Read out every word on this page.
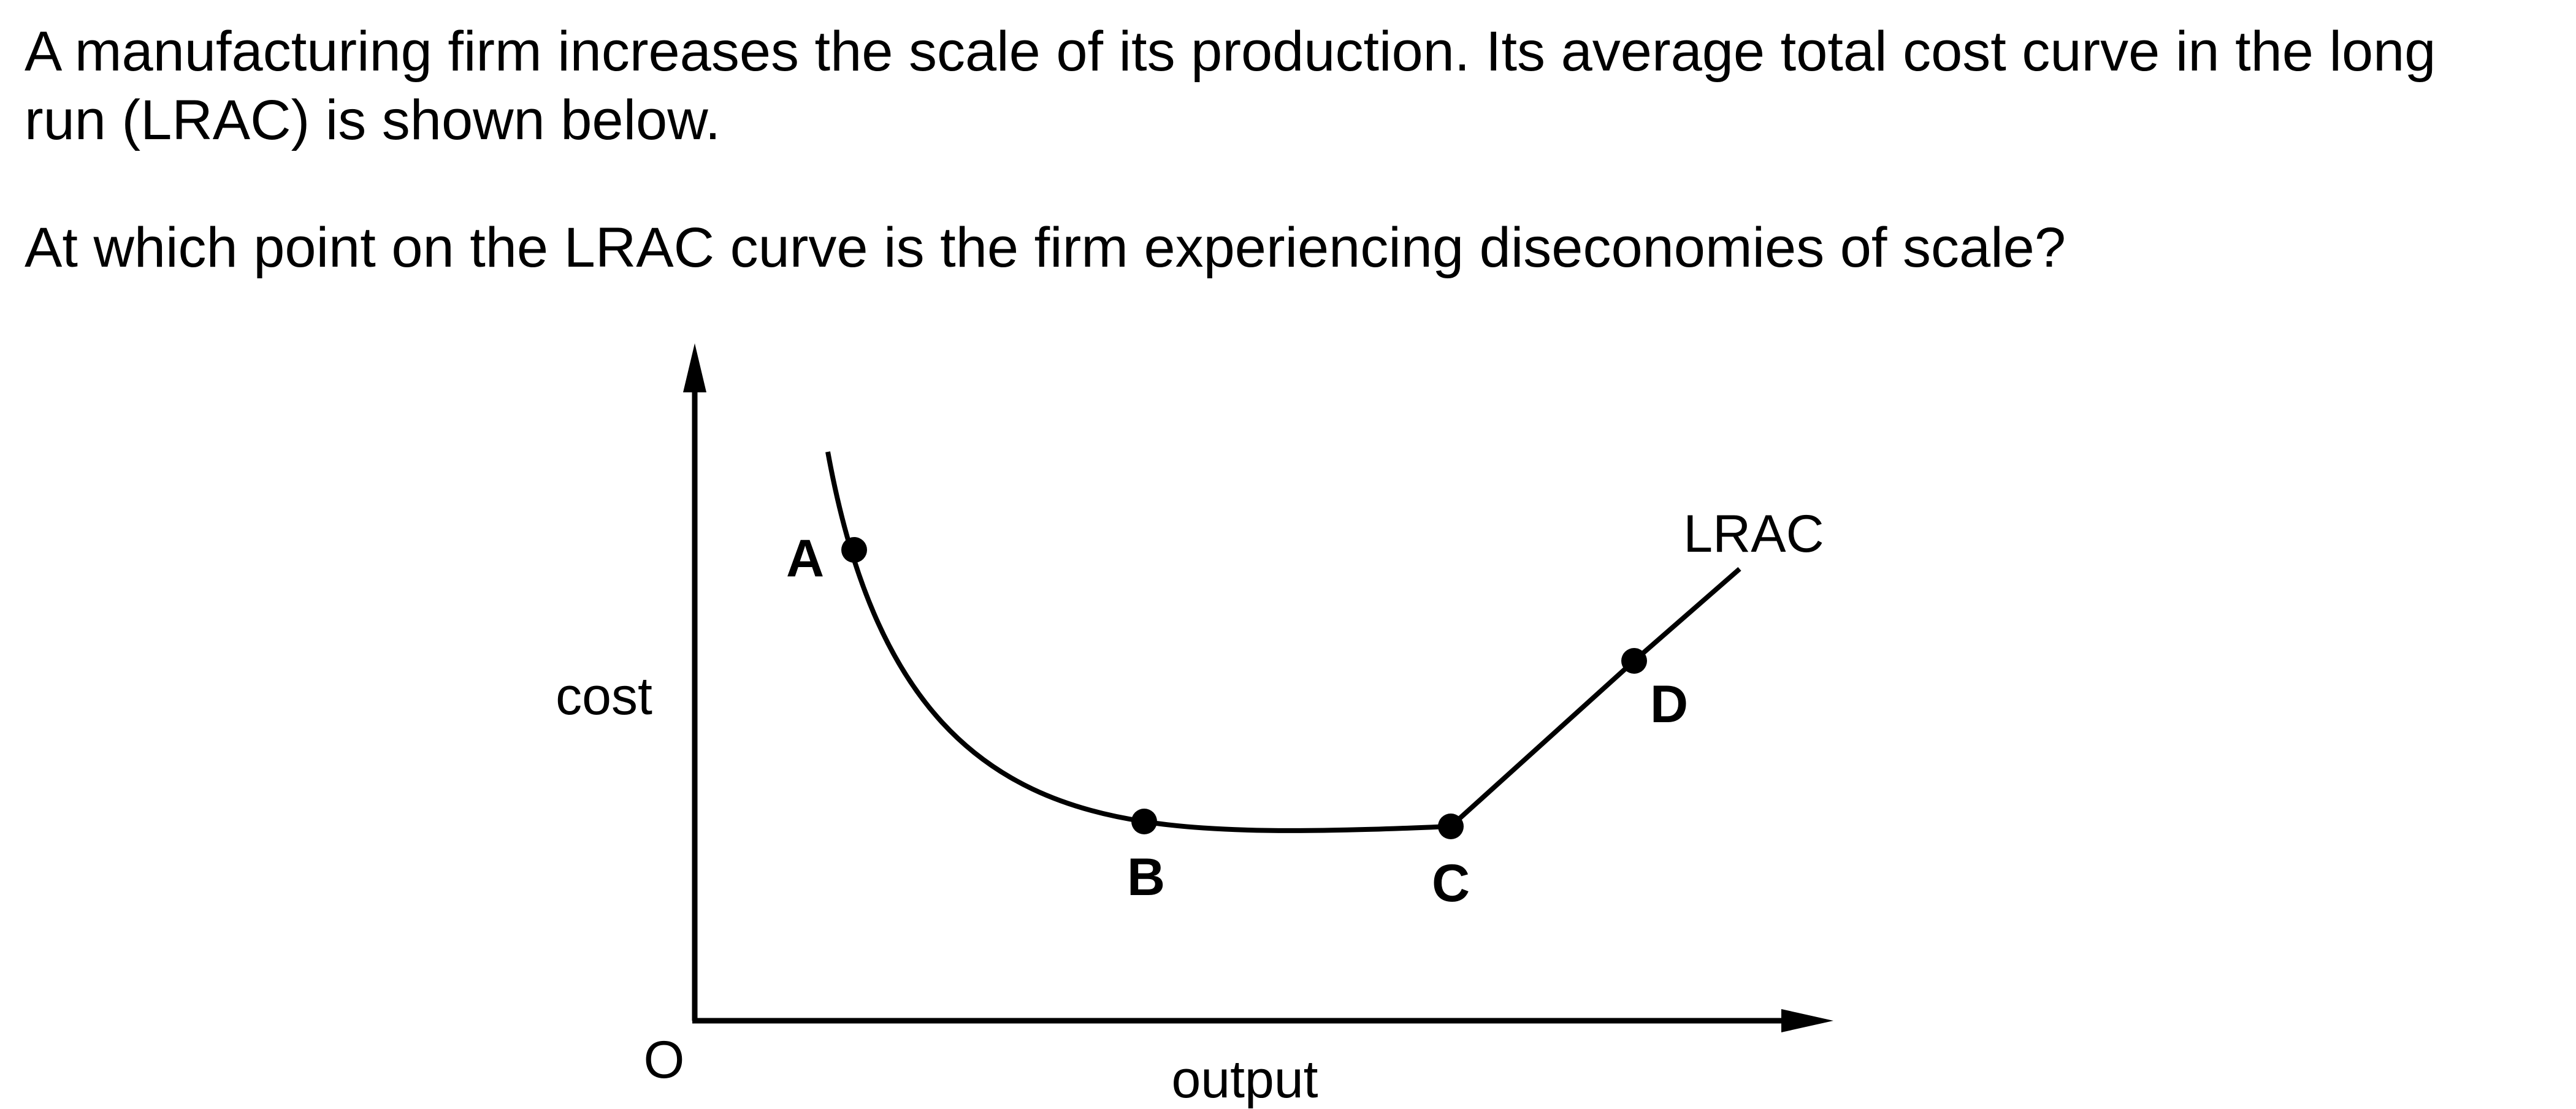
A manufacturing firm increases the scale of its production. Its average total cost curve in the long run (LRAC) is shown below.

At which point on the LRAC curve is the firm experiencing diseconomies of scale?

cost
output
O
LRAC
A
B	C
D
